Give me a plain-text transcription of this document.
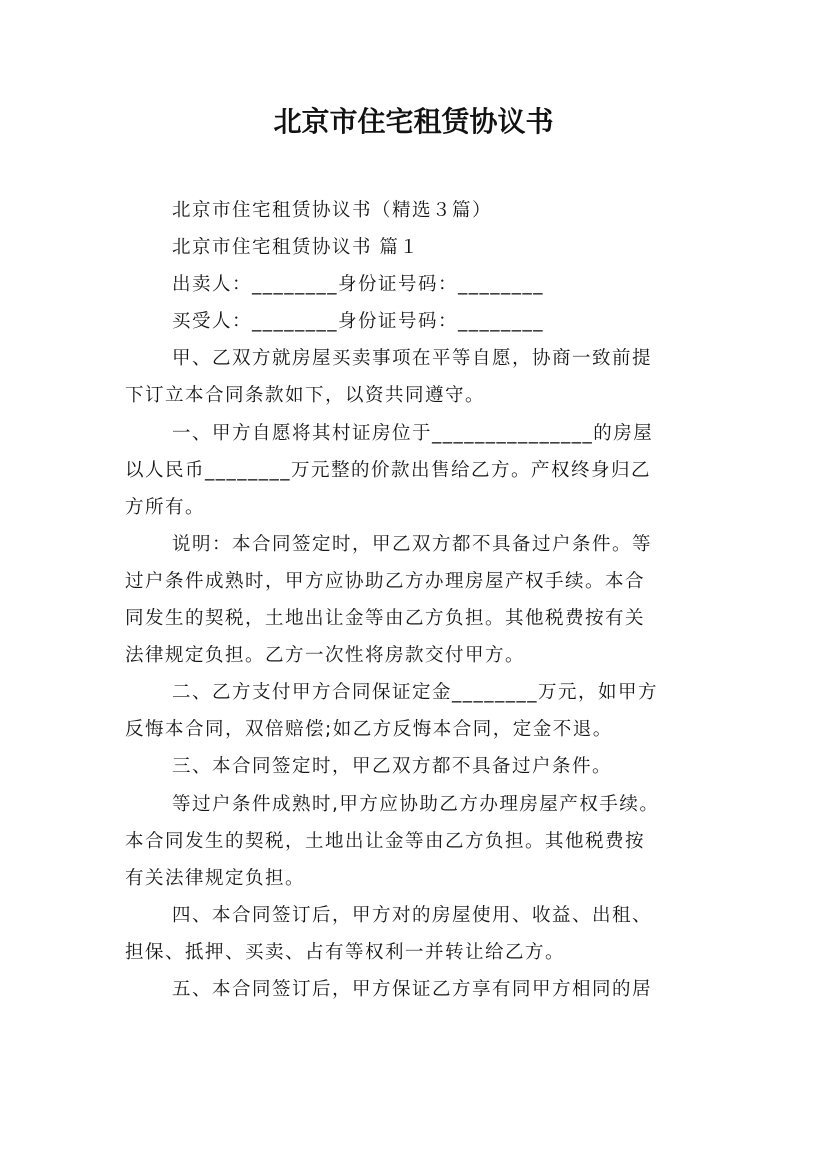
北京市住宅租赁协议书
北京市住宅租赁协议书（精选３篇）
北京市住宅租赁协议书 篇１
出卖人：________身份证号码：________
买受人：________身份证号码：________
甲、乙双方就房屋买卖事项在平等自愿，协商一致前提
下订立本合同条款如下，以资共同遵守。
一、甲方自愿将其村证房位于_______________的房屋
以人民币________万元整的价款出售给乙方。产权终身归乙
方所有。
说明：本合同签定时，甲乙双方都不具备过户条件。等
过户条件成熟时，甲方应协助乙方办理房屋产权手续。本合
同发生的契税，土地出让金等由乙方负担。其他税费按有关
法律规定负担。乙方一次性将房款交付甲方。
二、乙方支付甲方合同保证定金________万元，如甲方
反悔本合同，双倍赔偿;如乙方反悔本合同，定金不退。
三、本合同签定时，甲乙双方都不具备过户条件。
等过户条件成熟时,甲方应协助乙方办理房屋产权手续。
本合同发生的契税，土地出让金等由乙方负担。其他税费按
有关法律规定负担。
四、本合同签订后，甲方对的房屋使用、收益、出租、
担保、抵押、买卖、占有等权利一并转让给乙方。
五、本合同签订后，甲方保证乙方享有同甲方相同的居
